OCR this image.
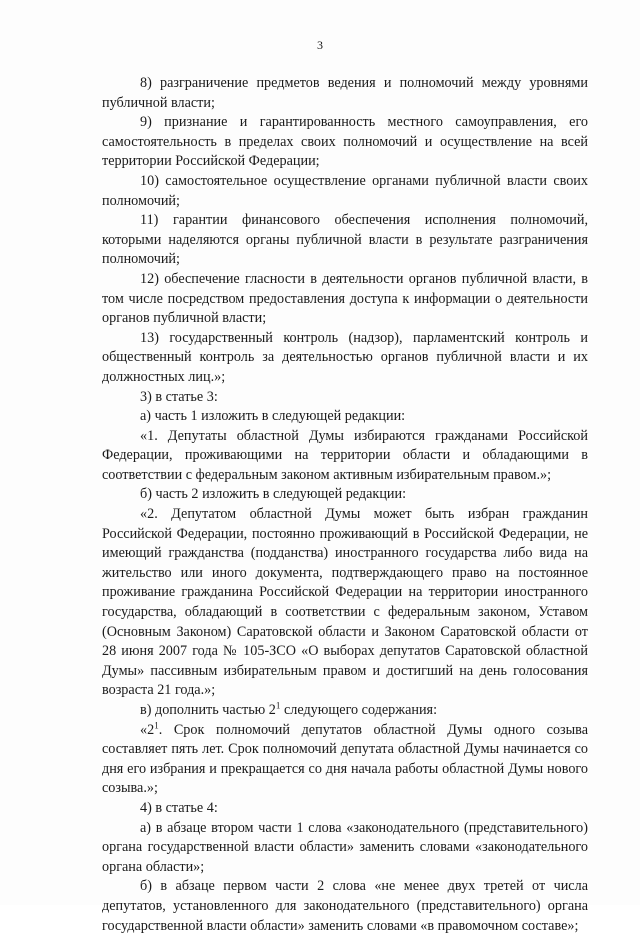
3

8) разграничение предметов ведения и полномочий между уровнями публичной власти;

9) признание и гарантированность местного самоуправления, его самостоятельность в пределах своих полномочий и осуществление на всей территории Российской Федерации;

10) самостоятельное осуществление органами публичной власти своих полномочий;

11) гарантии финансового обеспечения исполнения полномочий, которыми наделяются органы публичной власти в результате разграничения полномочий;

12) обеспечение гласности в деятельности органов публичной власти, в том числе посредством предоставления доступа к информации о деятельности органов публичной власти;

13) государственный контроль (надзор), парламентский контроль и общественный контроль за деятельностью органов публичной власти и их должностных лиц.»;

3) в статье 3:

а) часть 1 изложить в следующей редакции:

«1. Депутаты областной Думы избираются гражданами Российской Федерации, проживающими на территории области и обладающими в соответствии с федеральным законом активным избирательным правом.»;

б) часть 2 изложить в следующей редакции:

«2. Депутатом областной Думы может быть избран гражданин Российской Федерации, постоянно проживающий в Российской Федерации, не имеющий гражданства (подданства) иностранного государства либо вида на жительство или иного документа, подтверждающего право на постоянное проживание гражданина Российской Федерации на территории иностранного государства, обладающий в соответствии с федеральным законом, Уставом (Основным Законом) Саратовской области и Законом Саратовской области от 28 июня 2007 года № 105-ЗСО «О выборах депутатов Саратовской областной Думы» пассивным избирательным правом и достигший на день голосования возраста 21 года.»;

в) дополнить частью $2^1$ следующего содержания:

«$2^1$. Срок полномочий депутатов областной Думы одного созыва составляет пять лет. Срок полномочий депутата областной Думы начинается со дня его избрания и прекращается со дня начала работы областной Думы нового созыва.»;

4) в статье 4:

а) в абзаце втором части 1 слова «законодательного (представительного) органа государственной власти области» заменить словами «законодательного органа области»;

б) в абзаце первом части 2 слова «не менее двух третей от числа депутатов, установленного для законодательного (представительного) органа государственной власти области» заменить словами «в правомочном составе»;
